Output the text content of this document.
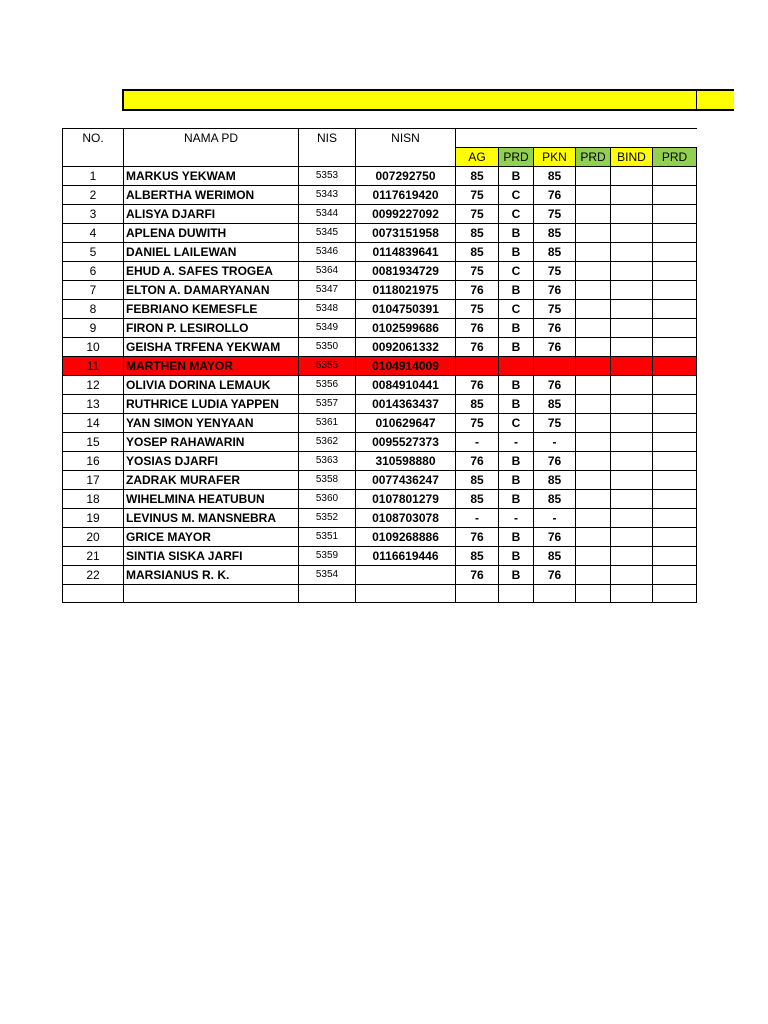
NO.	NAMA PD	NIS	NISN						
				AG	PRD	PKN	PRD	BIND	PRD
1	MARKUS YEKWAM	5353	007292750	85	B	85			
2	ALBERTHA WERIMON	5343	0117619420	75	C	76			
3	ALISYA DJARFI	5344	0099227092	75	C	75			
4	APLENA DUWITH	5345	0073151958	85	B	85			
5	DANIEL LAILEWAN	5346	0114839641	85	B	85			
6	EHUD A. SAFES TROGEA	5364	0081934729	75	C	75			
7	ELTON A. DAMARYANAN	5347	0118021975	76	B	76			
8	FEBRIANO KEMESFLE	5348	0104750391	75	C	75			
9	FIRON P. LESIROLLO	5349	0102599686	76	B	76			
10	GEISHA TRFENA YEKWAM	5350	0092061332	76	B	76			
11	MARTHEN MAYOR	5355	0104914009						
12	OLIVIA DORINA LEMAUK	5356	0084910441	76	B	76			
13	RUTHRICE LUDIA YAPPEN	5357	0014363437	85	B	85			
14	YAN SIMON YENYAAN	5361	010629647	75	C	75			
15	YOSEP RAHAWARIN	5362	0095527373	-	-	-			
16	YOSIAS DJARFI	5363	310598880	76	B	76			
17	ZADRAK MURAFER	5358	0077436247	85	B	85			
18	WIHELMINA HEATUBUN	5360	0107801279	85	B	85			
19	LEVINUS M. MANSNEBRA	5352	0108703078	-	-	-			
20	GRICE MAYOR	5351	0109268886	76	B	76			
21	SINTIA SISKA JARFI	5359	0116619446	85	B	85			
22	MARSIANUS R. K.	5354		76	B	76			
